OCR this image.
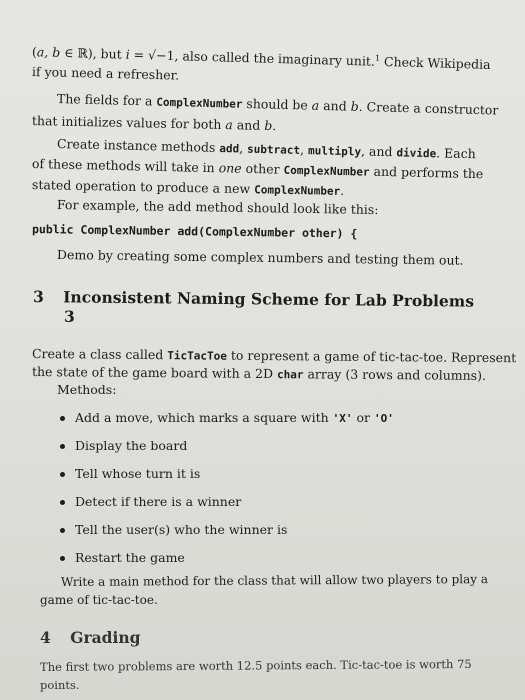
(a, b ∈ ℝ), but i = √−1, also called the imaginary unit.$^1$ Check Wikipedia
if you need a refresher.
The fields for a ComplexNumber should be a and b. Create a constructor
that initializes values for both a and b.
Create instance methods add, subtract, multiply, and divide. Each
of these methods will take in one other ComplexNumber and performs the
stated operation to produce a new ComplexNumber.
For example, the add method should look like this:
public ComplexNumber add(ComplexNumber other) {
Demo by creating some complex numbers and testing them out.
3 Inconsistent Naming Scheme for Lab Problems
3
Create a class called TicTacToe to represent a game of tic-tac-toe. Represent
the state of the game board with a 2D char array (3 rows and columns).
Methods:
Add a move, which marks a square with 'X' or 'O'
Display the board
Tell whose turn it is
Detect if there is a winner
Tell the user(s) who the winner is
Restart the game
Write a main method for the class that will allow two players to play a
game of tic-tac-toe.
4 Grading
The first two problems are worth 12.5 points each. Tic-tac-toe is worth 75
points.
